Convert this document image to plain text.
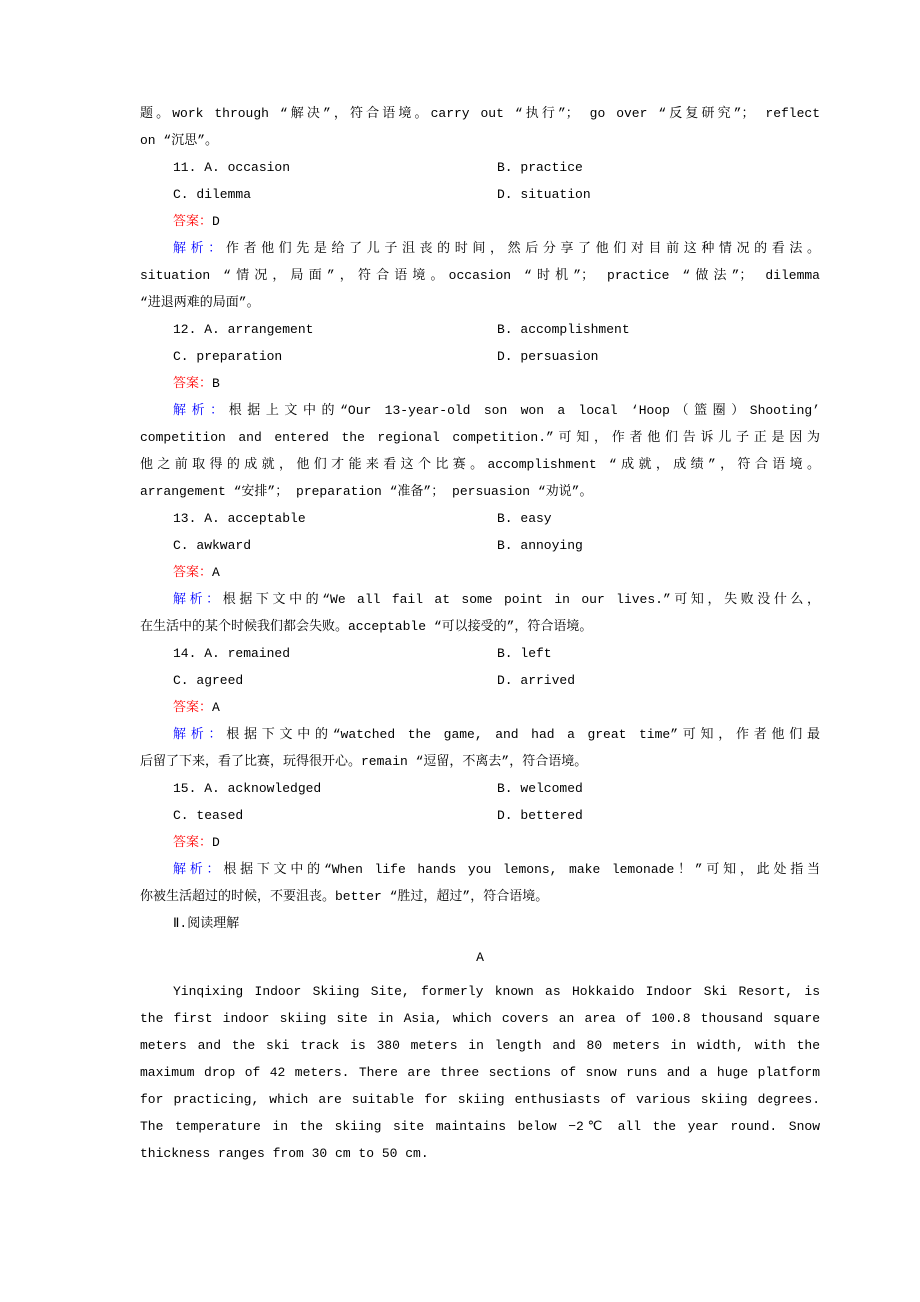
题。work through “解决”，符合语境。carry out “执行”； go over “反复研究”； reflect
on “沉思”。
11. A. occasion	B. practice
C. dilemma	D. situation
答案：D
解析：作者他们先是给了儿子沮丧的时间，然后分享了他们对目前这种情况的看法。
situation “情况，局面”，符合语境。occasion “时机”； practice “做法”； dilemma
“进退两难的局面”。
12. A. arrangement	B. accomplishment
C. preparation	D. persuasion
答案：B
解析：根据上文中的“Our 13-year-old son won a local ‘Hoop（篮圈）Shooting’
competition and entered the regional competition.”可知，作者他们告诉儿子正是因为
他之前取得的成就，他们才能来看这个比赛。accomplishment “成就，成绩”，符合语境。
arrangement “安排”； preparation “准备”； persuasion “劝说”。
13. A. acceptable	B. easy
C. awkward	B. annoying
答案：A
解析：根据下文中的“We all fail at some point in our lives.”可知，失败没什么，
在生活中的某个时候我们都会失败。acceptable “可以接受的”，符合语境。
14. A. remained	B. left
C. agreed	D. arrived
答案：A
解析：根据下文中的“watched the game, and had a great time”可知，作者他们最
后留了下来，看了比赛，玩得很开心。remain “逗留，不离去”，符合语境。
15. A. acknowledged	B. welcomed
C. teased	D. bettered
答案：D
解析：根据下文中的“When life hands you lemons, make lemonade！”可知，此处指当
你被生活超过的时候，不要沮丧。better “胜过，超过”，符合语境。
Ⅱ.阅读理解
A
Yinqixing Indoor Skiing Site, formerly known as Hokkaido Indoor Ski Resort, is
the first indoor skiing site in Asia, which covers an area of 100.8 thousand square
meters and the ski track is 380 meters in length and 80 meters in width, with the
maximum drop of 42 meters. There are three sections of snow runs and a huge platform
for practicing, which are suitable for skiing enthusiasts of various skiing degrees.
The temperature in the skiing site maintains below −2℃ all the year round. Snow
thickness ranges from 30 cm to 50 cm.
